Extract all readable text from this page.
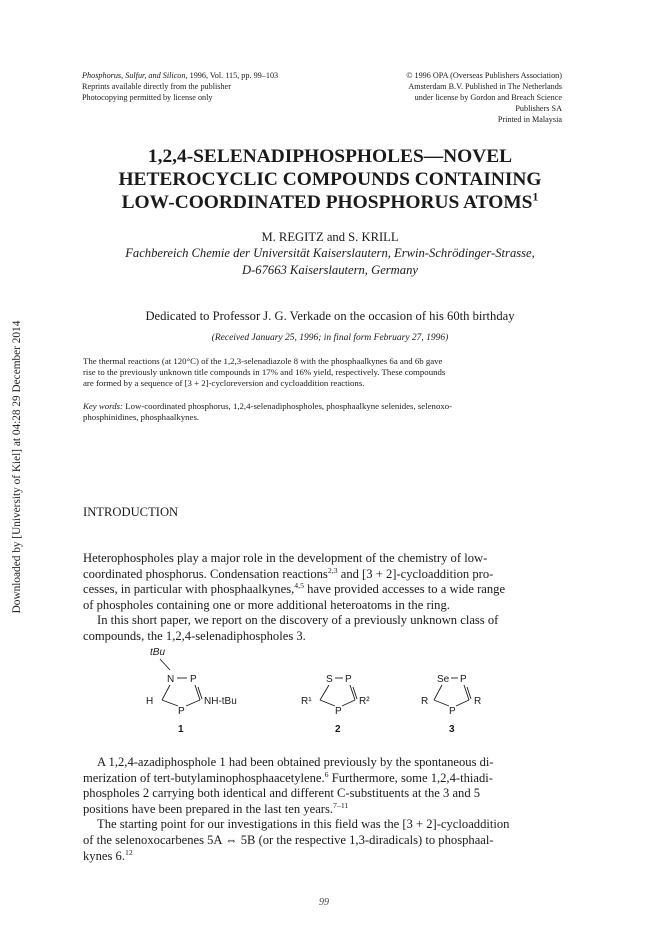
Downloaded by [University of Kiel] at 04:28 29 December 2014
Phosphorus, Sulfur, and Silicon, 1996, Vol. 115, pp. 99–103
Reprints available directly from the publisher
Photocopying permitted by license only
© 1996 OPA (Overseas Publishers Association)
Amsterdam B.V. Published in The Netherlands
under license by Gordon and Breach Science
Publishers SA
Printed in Malaysia
1,2,4-SELENADIPHOSPHOLES—NOVEL
HETEROCYCLIC COMPOUNDS CONTAINING
LOW-COORDINATED PHOSPHORUS ATOMS$^1$
M. REGITZ and S. KRILL
Fachbereich Chemie der Universität Kaiserslautern, Erwin-Schrödinger-Strasse,
D-67663 Kaiserslautern, Germany
Dedicated to Professor J. G. Verkade on the occasion of his 60th birthday
(Received January 25, 1996; in final form February 27, 1996)
The thermal reactions (at 120°C) of the 1,2,3-selenadiazole 8 with the phosphaalkynes 6a and 6b gave
rise to the previously unknown title compounds in 17% and 16% yield, respectively. These compounds
are formed by a sequence of [3 + 2]-cycloreversion and cycloaddition reactions.
Key words: Low-coordinated phosphorus, 1,2,4-selenadiphospholes, phosphaalkyne selenides, selenoxo-
phosphinidines, phosphaalkynes.
INTRODUCTION
Heterophospholes play a major role in the development of the chemistry of low-
coordinated phosphorus. Condensation reactions$^{2,3}$ and [3 + 2]-cycloaddition pro-
cesses, in particular with phosphaalkynes,$^{4,5}$ have provided accesses to a wide range
of phospholes containing one or more additional heteroatoms in the ring.
In this short paper, we report on the discovery of a previously unknown class of
compounds, the 1,2,4-selenadiphospholes 3.
tBu
N P
P
H	NH-tBu
1
S P
P
R¹	R²
2
Se P
P
R	R
3
A 1,2,4-azadiphosphole 1 had been obtained previously by the spontaneous di-
merization of tert-butylaminophosphaacetylene.$^6$ Furthermore, some 1,2,4-thiadi-
phospholes 2 carrying both identical and different C-substituents at the 3 and 5
positions have been prepared in the last ten years.$^{7-11}$
The starting point for our investigations in this field was the [3 + 2]-cycloaddition
of the selenoxocarbenes 5A ⇔ 5B (or the respective 1,3-diradicals) to phosphaal-
kynes 6.12
99
